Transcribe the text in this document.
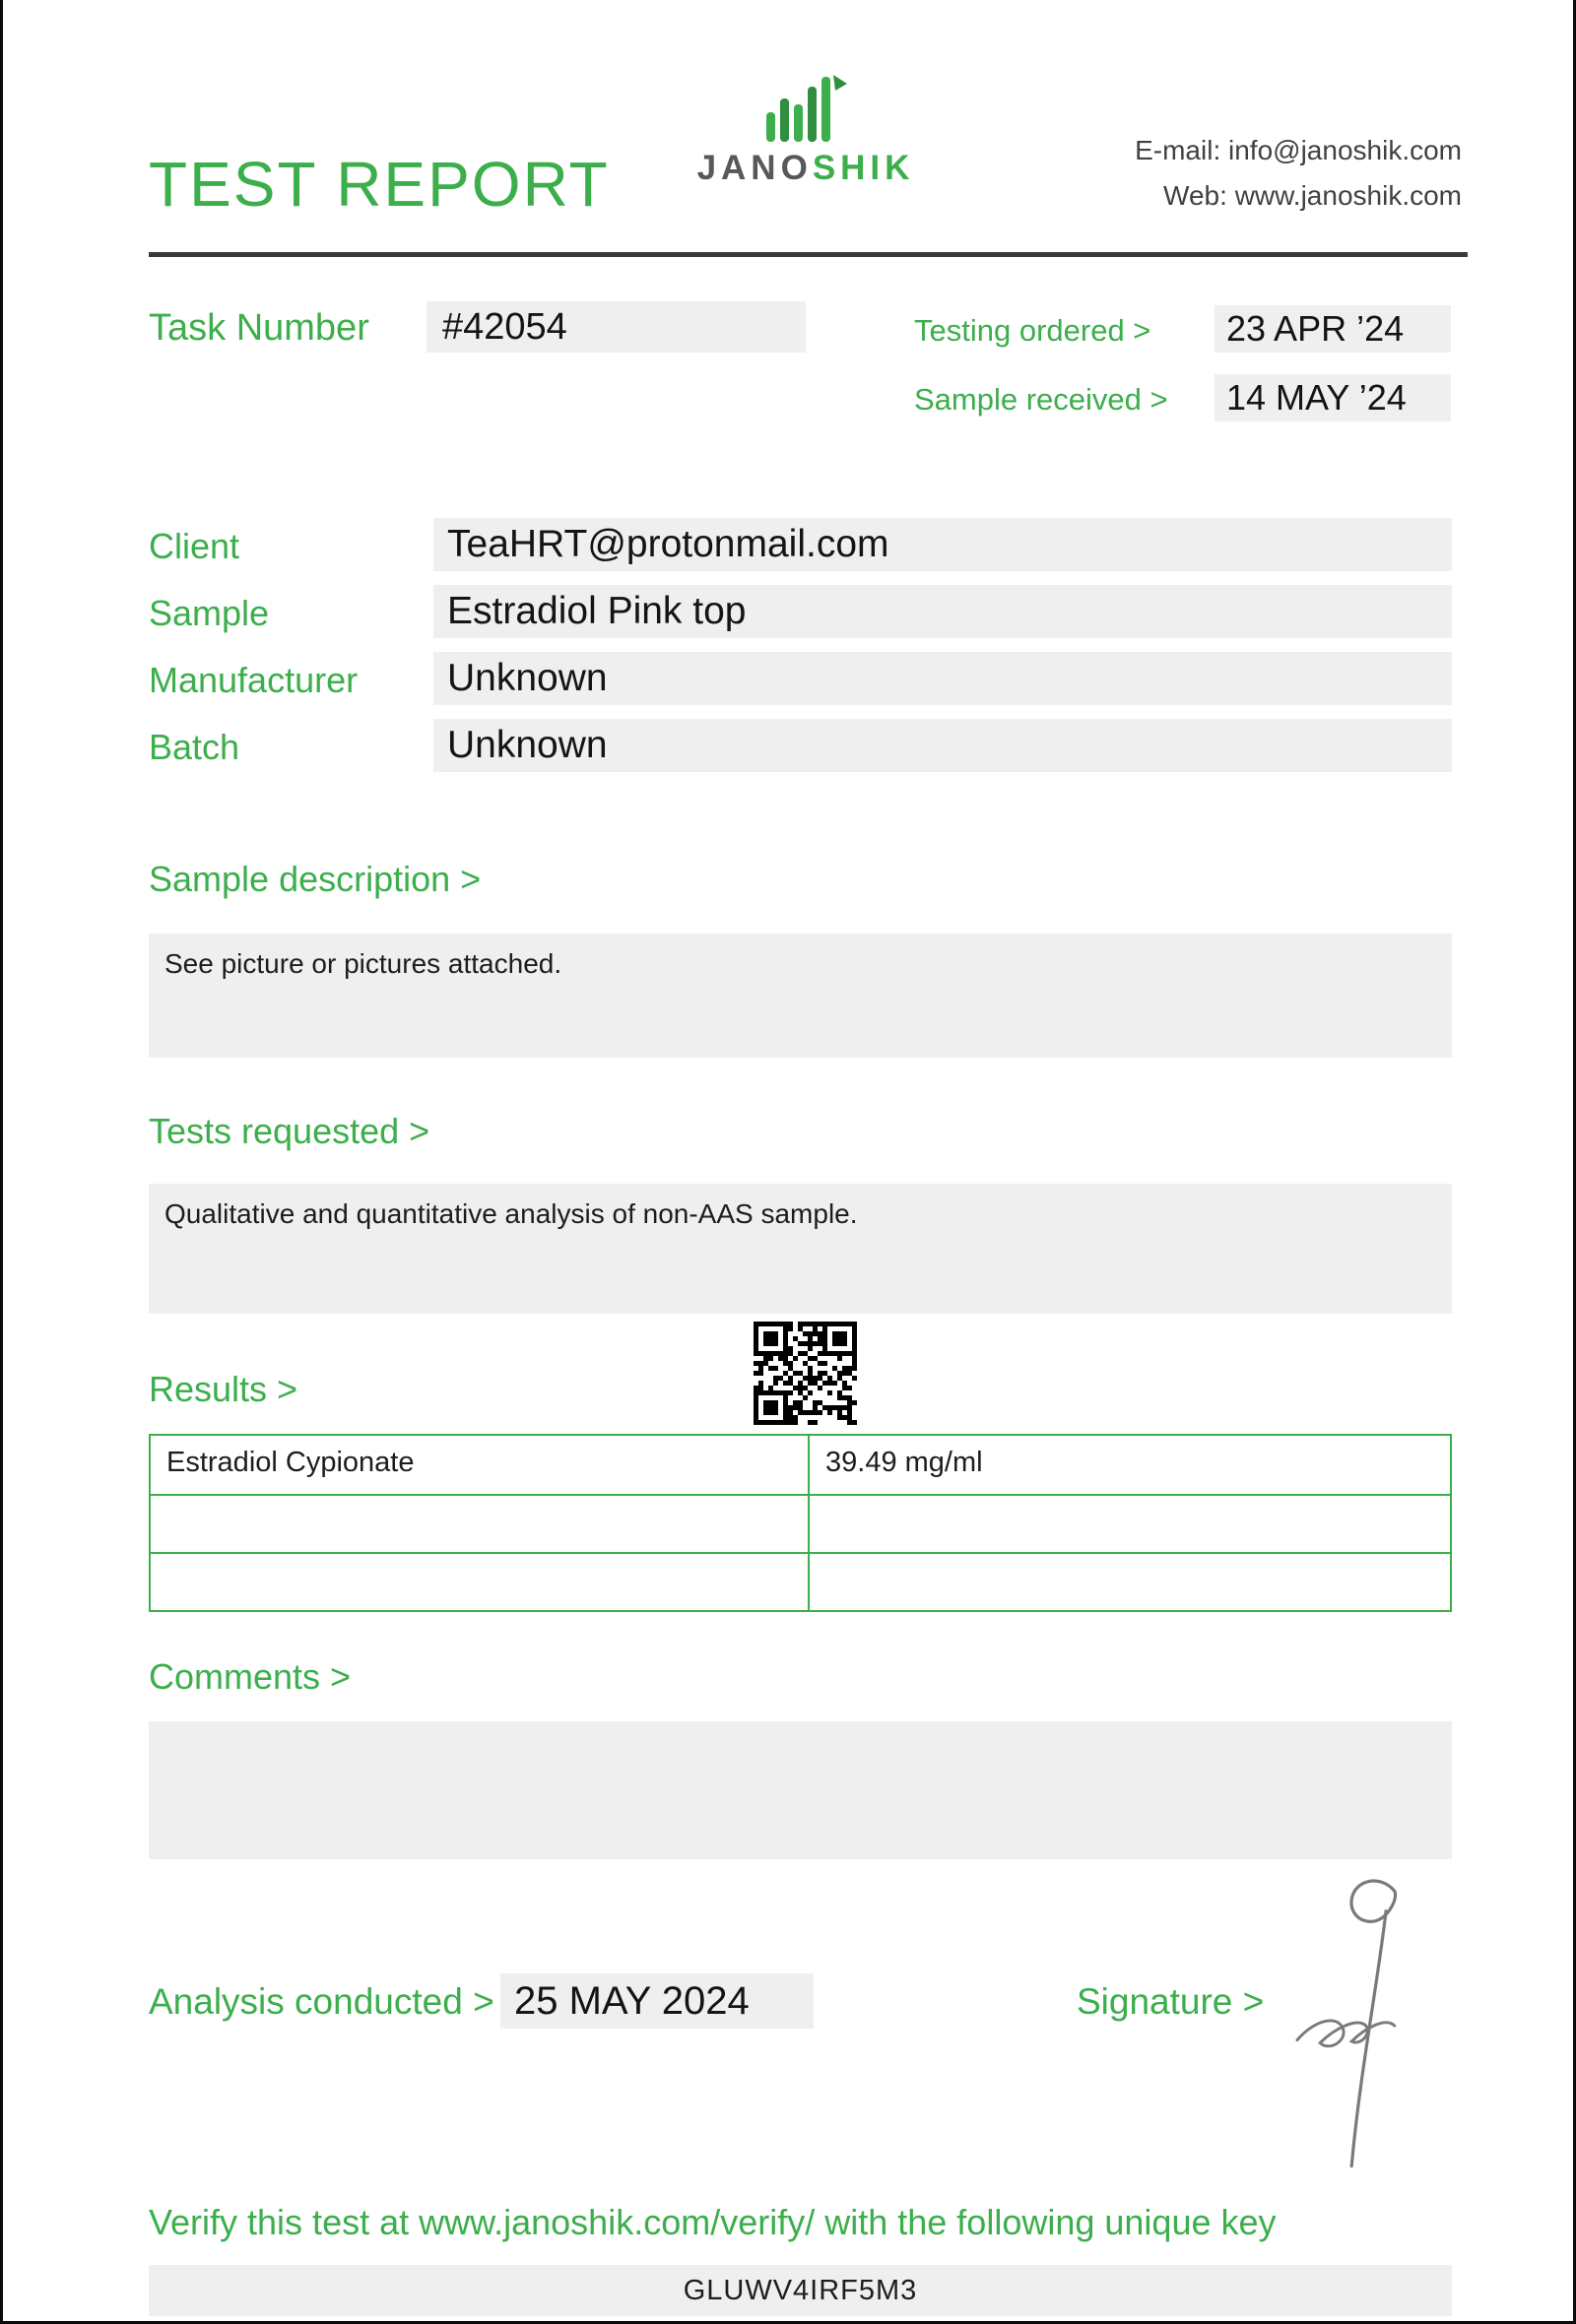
TEST REPORT	JANOSHIK	E-mail: info@janoshik.com
Web: www.janoshik.com
Task Number	#42054	Testing ordered >	23 APR ’24
Sample received >	14 MAY ’24
Client	TeaHRT@protonmail.com
Sample	Estradiol Pink top
Manufacturer	Unknown
Batch	Unknown
Sample description >
See picture or pictures attached.
Tests requested >
Qualitative and quantitative analysis of non-AAS sample.
Results >
Estradiol Cypionate	39.49 mg/ml
Comments >
Analysis conducted > 25 MAY 2024	Signature >
Verify this test at www.janoshik.com/verify/ with the following unique key
GLUWV4IRF5M3
